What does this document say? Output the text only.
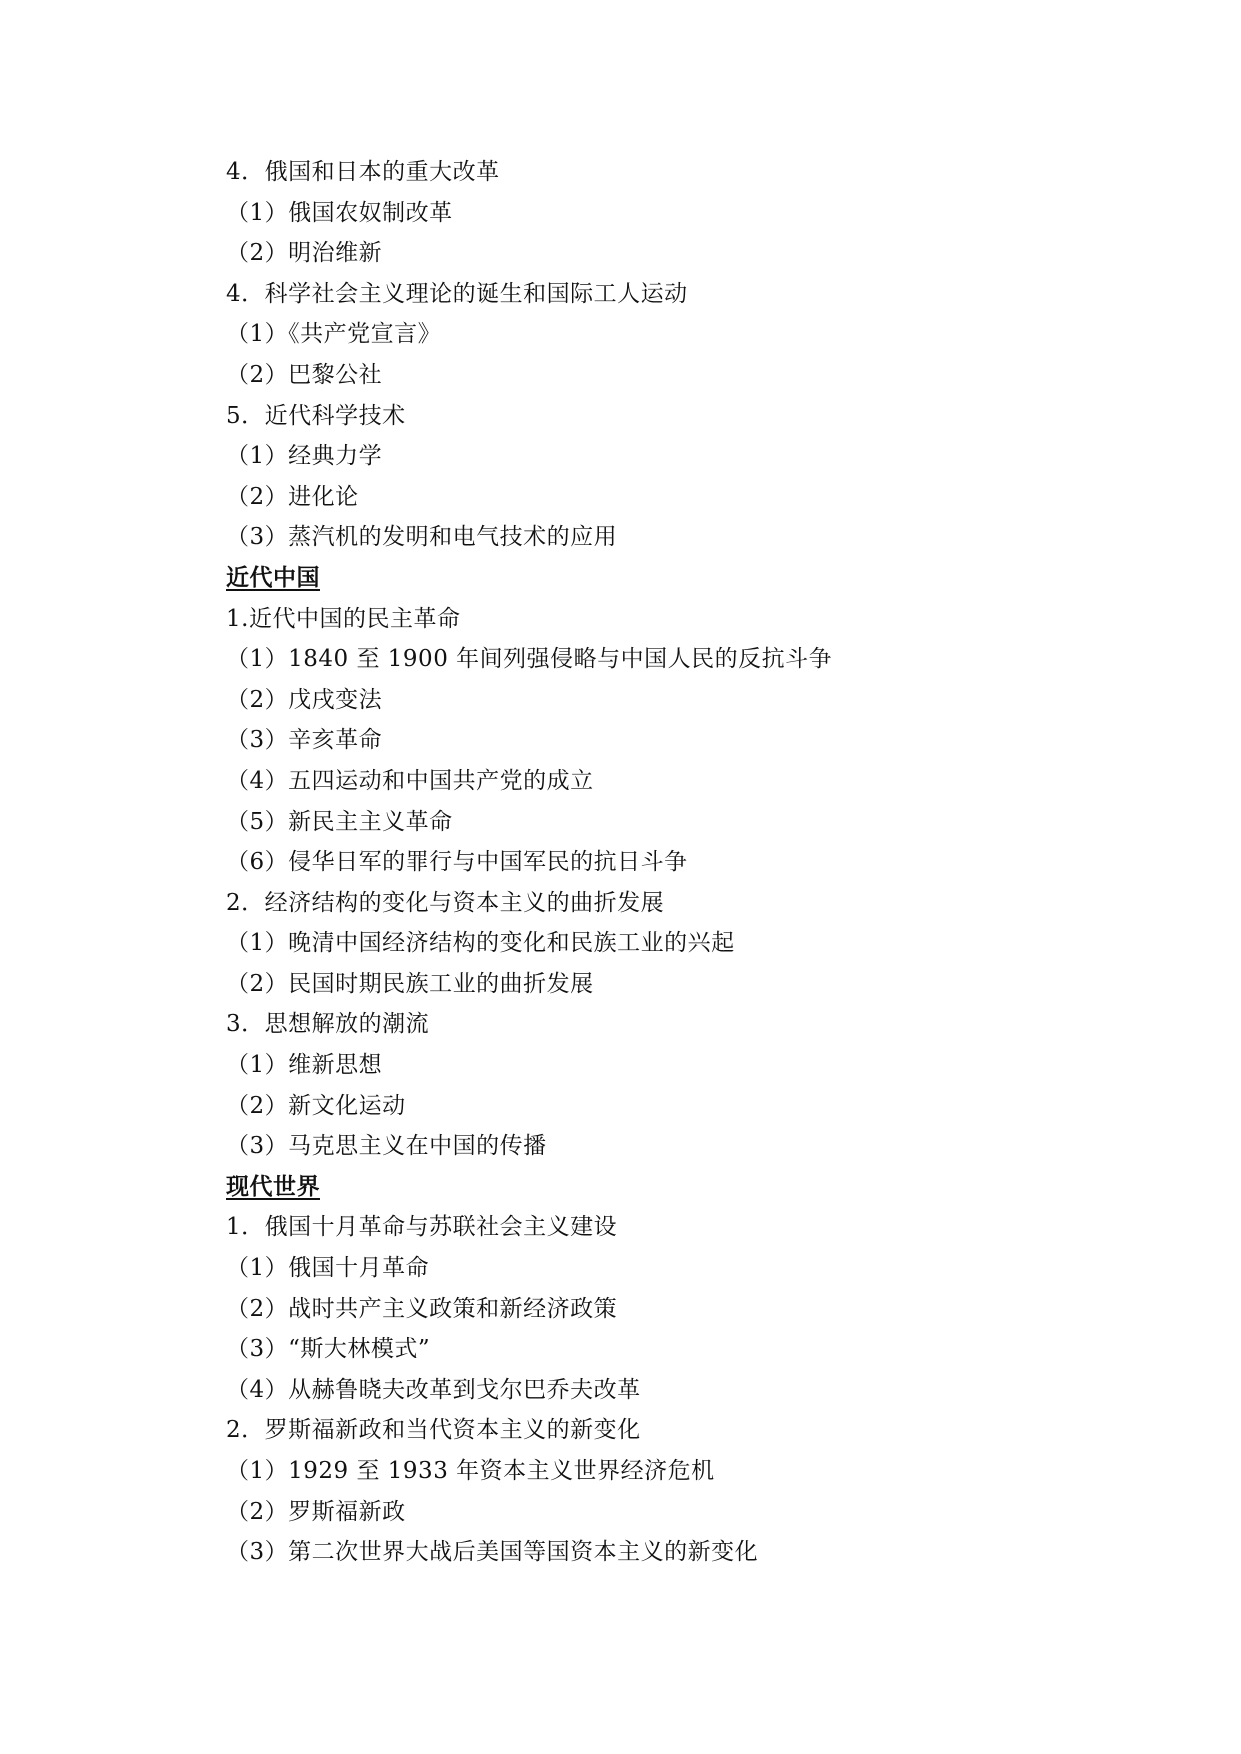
4．俄国和日本的重大改革
（1）俄国农奴制改革
（2）明治维新
4．科学社会主义理论的诞生和国际工人运动
（1）《共产党宣言》
（2）巴黎公社
5．近代科学技术
（1）经典力学
（2）进化论
（3）蒸汽机的发明和电气技术的应用
近代中国
1.近代中国的民主革命
（1）1840 至 1900 年间列强侵略与中国人民的反抗斗争
（2）戊戌变法
（3）辛亥革命
（4）五四运动和中国共产党的成立
（5）新民主主义革命
（6）侵华日军的罪行与中国军民的抗日斗争
2．经济结构的变化与资本主义的曲折发展
（1）晚清中国经济结构的变化和民族工业的兴起
（2）民国时期民族工业的曲折发展
3．思想解放的潮流
（1）维新思想
（2）新文化运动
（3）马克思主义在中国的传播
现代世界
1．俄国十月革命与苏联社会主义建设
（1）俄国十月革命
（2）战时共产主义政策和新经济政策
（3）“斯大林模式”
（4）从赫鲁晓夫改革到戈尔巴乔夫改革
2．罗斯福新政和当代资本主义的新变化
（1）1929 至 1933 年资本主义世界经济危机
（2）罗斯福新政
（3）第二次世界大战后美国等国资本主义的新变化
